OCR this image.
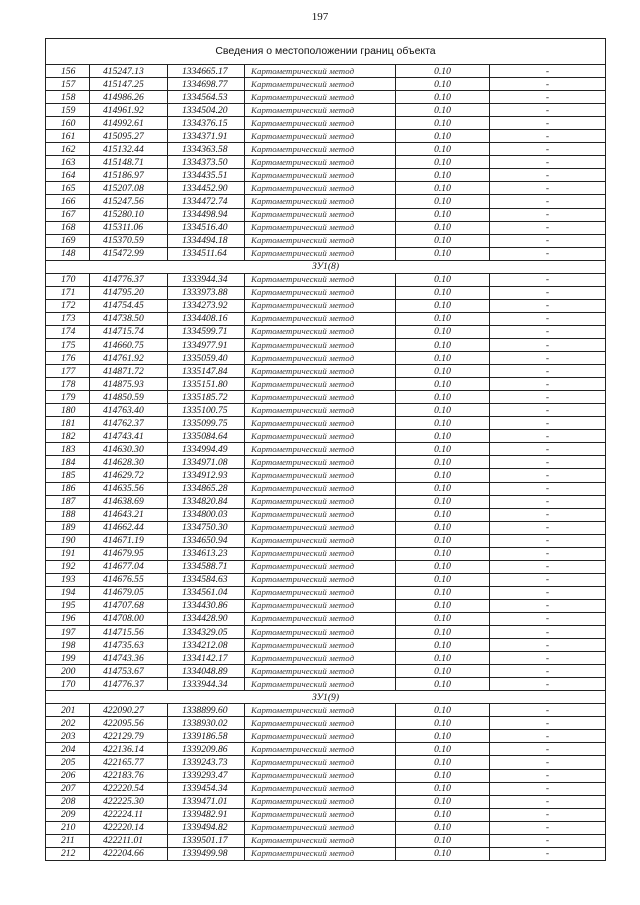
197
Сведения о местоположении границ объекта					
156	415247.13	1334665.17	Картометрический метод	0.10	-
157	415147.25	1334698.77	Картометрический метод	0.10	-
158	414986.26	1334564.53	Картометрический метод	0.10	-
159	414961.92	1334504.20	Картометрический метод	0.10	-
160	414992.61	1334376.15	Картометрический метод	0.10	-
161	415095.27	1334371.91	Картометрический метод	0.10	-
162	415132.44	1334363.58	Картометрический метод	0.10	-
163	415148.71	1334373.50	Картометрический метод	0.10	-
164	415186.97	1334435.51	Картометрический метод	0.10	-
165	415207.08	1334452.90	Картометрический метод	0.10	-
166	415247.56	1334472.74	Картометрический метод	0.10	-
167	415280.10	1334498.94	Картометрический метод	0.10	-
168	415311.06	1334516.40	Картометрический метод	0.10	-
169	415370.59	1334494.18	Картометрический метод	0.10	-
148	415472.99	1334511.64	Картометрический метод	0.10	-
ЗУ1(8)					
170	414776.37	1333944.34	Картометрический метод	0.10	-
171	414795.20	1333973.88	Картометрический метод	0.10	-
172	414754.45	1334273.92	Картометрический метод	0.10	-
173	414738.50	1334408.16	Картометрический метод	0.10	-
174	414715.74	1334599.71	Картометрический метод	0.10	-
175	414660.75	1334977.91	Картометрический метод	0.10	-
176	414761.92	1335059.40	Картометрический метод	0.10	-
177	414871.72	1335147.84	Картометрический метод	0.10	-
178	414875.93	1335151.80	Картометрический метод	0.10	-
179	414850.59	1335185.72	Картометрический метод	0.10	-
180	414763.40	1335100.75	Картометрический метод	0.10	-
181	414762.37	1335099.75	Картометрический метод	0.10	-
182	414743.41	1335084.64	Картометрический метод	0.10	-
183	414630.30	1334994.49	Картометрический метод	0.10	-
184	414628.30	1334971.08	Картометрический метод	0.10	-
185	414629.72	1334912.93	Картометрический метод	0.10	-
186	414635.56	1334865.28	Картометрический метод	0.10	-
187	414638.69	1334820.84	Картометрический метод	0.10	-
188	414643.21	1334800.03	Картометрический метод	0.10	-
189	414662.44	1334750.30	Картометрический метод	0.10	-
190	414671.19	1334650.94	Картометрический метод	0.10	-
191	414679.95	1334613.23	Картометрический метод	0.10	-
192	414677.04	1334588.71	Картометрический метод	0.10	-
193	414676.55	1334584.63	Картометрический метод	0.10	-
194	414679.05	1334561.04	Картометрический метод	0.10	-
195	414707.68	1334430.86	Картометрический метод	0.10	-
196	414708.00	1334428.90	Картометрический метод	0.10	-
197	414715.56	1334329.05	Картометрический метод	0.10	-
198	414735.63	1334212.08	Картометрический метод	0.10	-
199	414743.36	1334142.17	Картометрический метод	0.10	-
200	414753.67	1334048.89	Картометрический метод	0.10	-
170	414776.37	1333944.34	Картометрический метод	0.10	-
ЗУ1(9)					
201	422090.27	1338899.60	Картометрический метод	0.10	-
202	422095.56	1338930.02	Картометрический метод	0.10	-
203	422129.79	1339186.58	Картометрический метод	0.10	-
204	422136.14	1339209.86	Картометрический метод	0.10	-
205	422165.77	1339243.73	Картометрический метод	0.10	-
206	422183.76	1339293.47	Картометрический метод	0.10	-
207	422220.54	1339454.34	Картометрический метод	0.10	-
208	422225.30	1339471.01	Картометрический метод	0.10	-
209	422224.11	1339482.91	Картометрический метод	0.10	-
210	422220.14	1339494.82	Картометрический метод	0.10	-
211	422211.01	1339501.17	Картометрический метод	0.10	-
212	422204.66	1339499.98	Картометрический метод	0.10	-
